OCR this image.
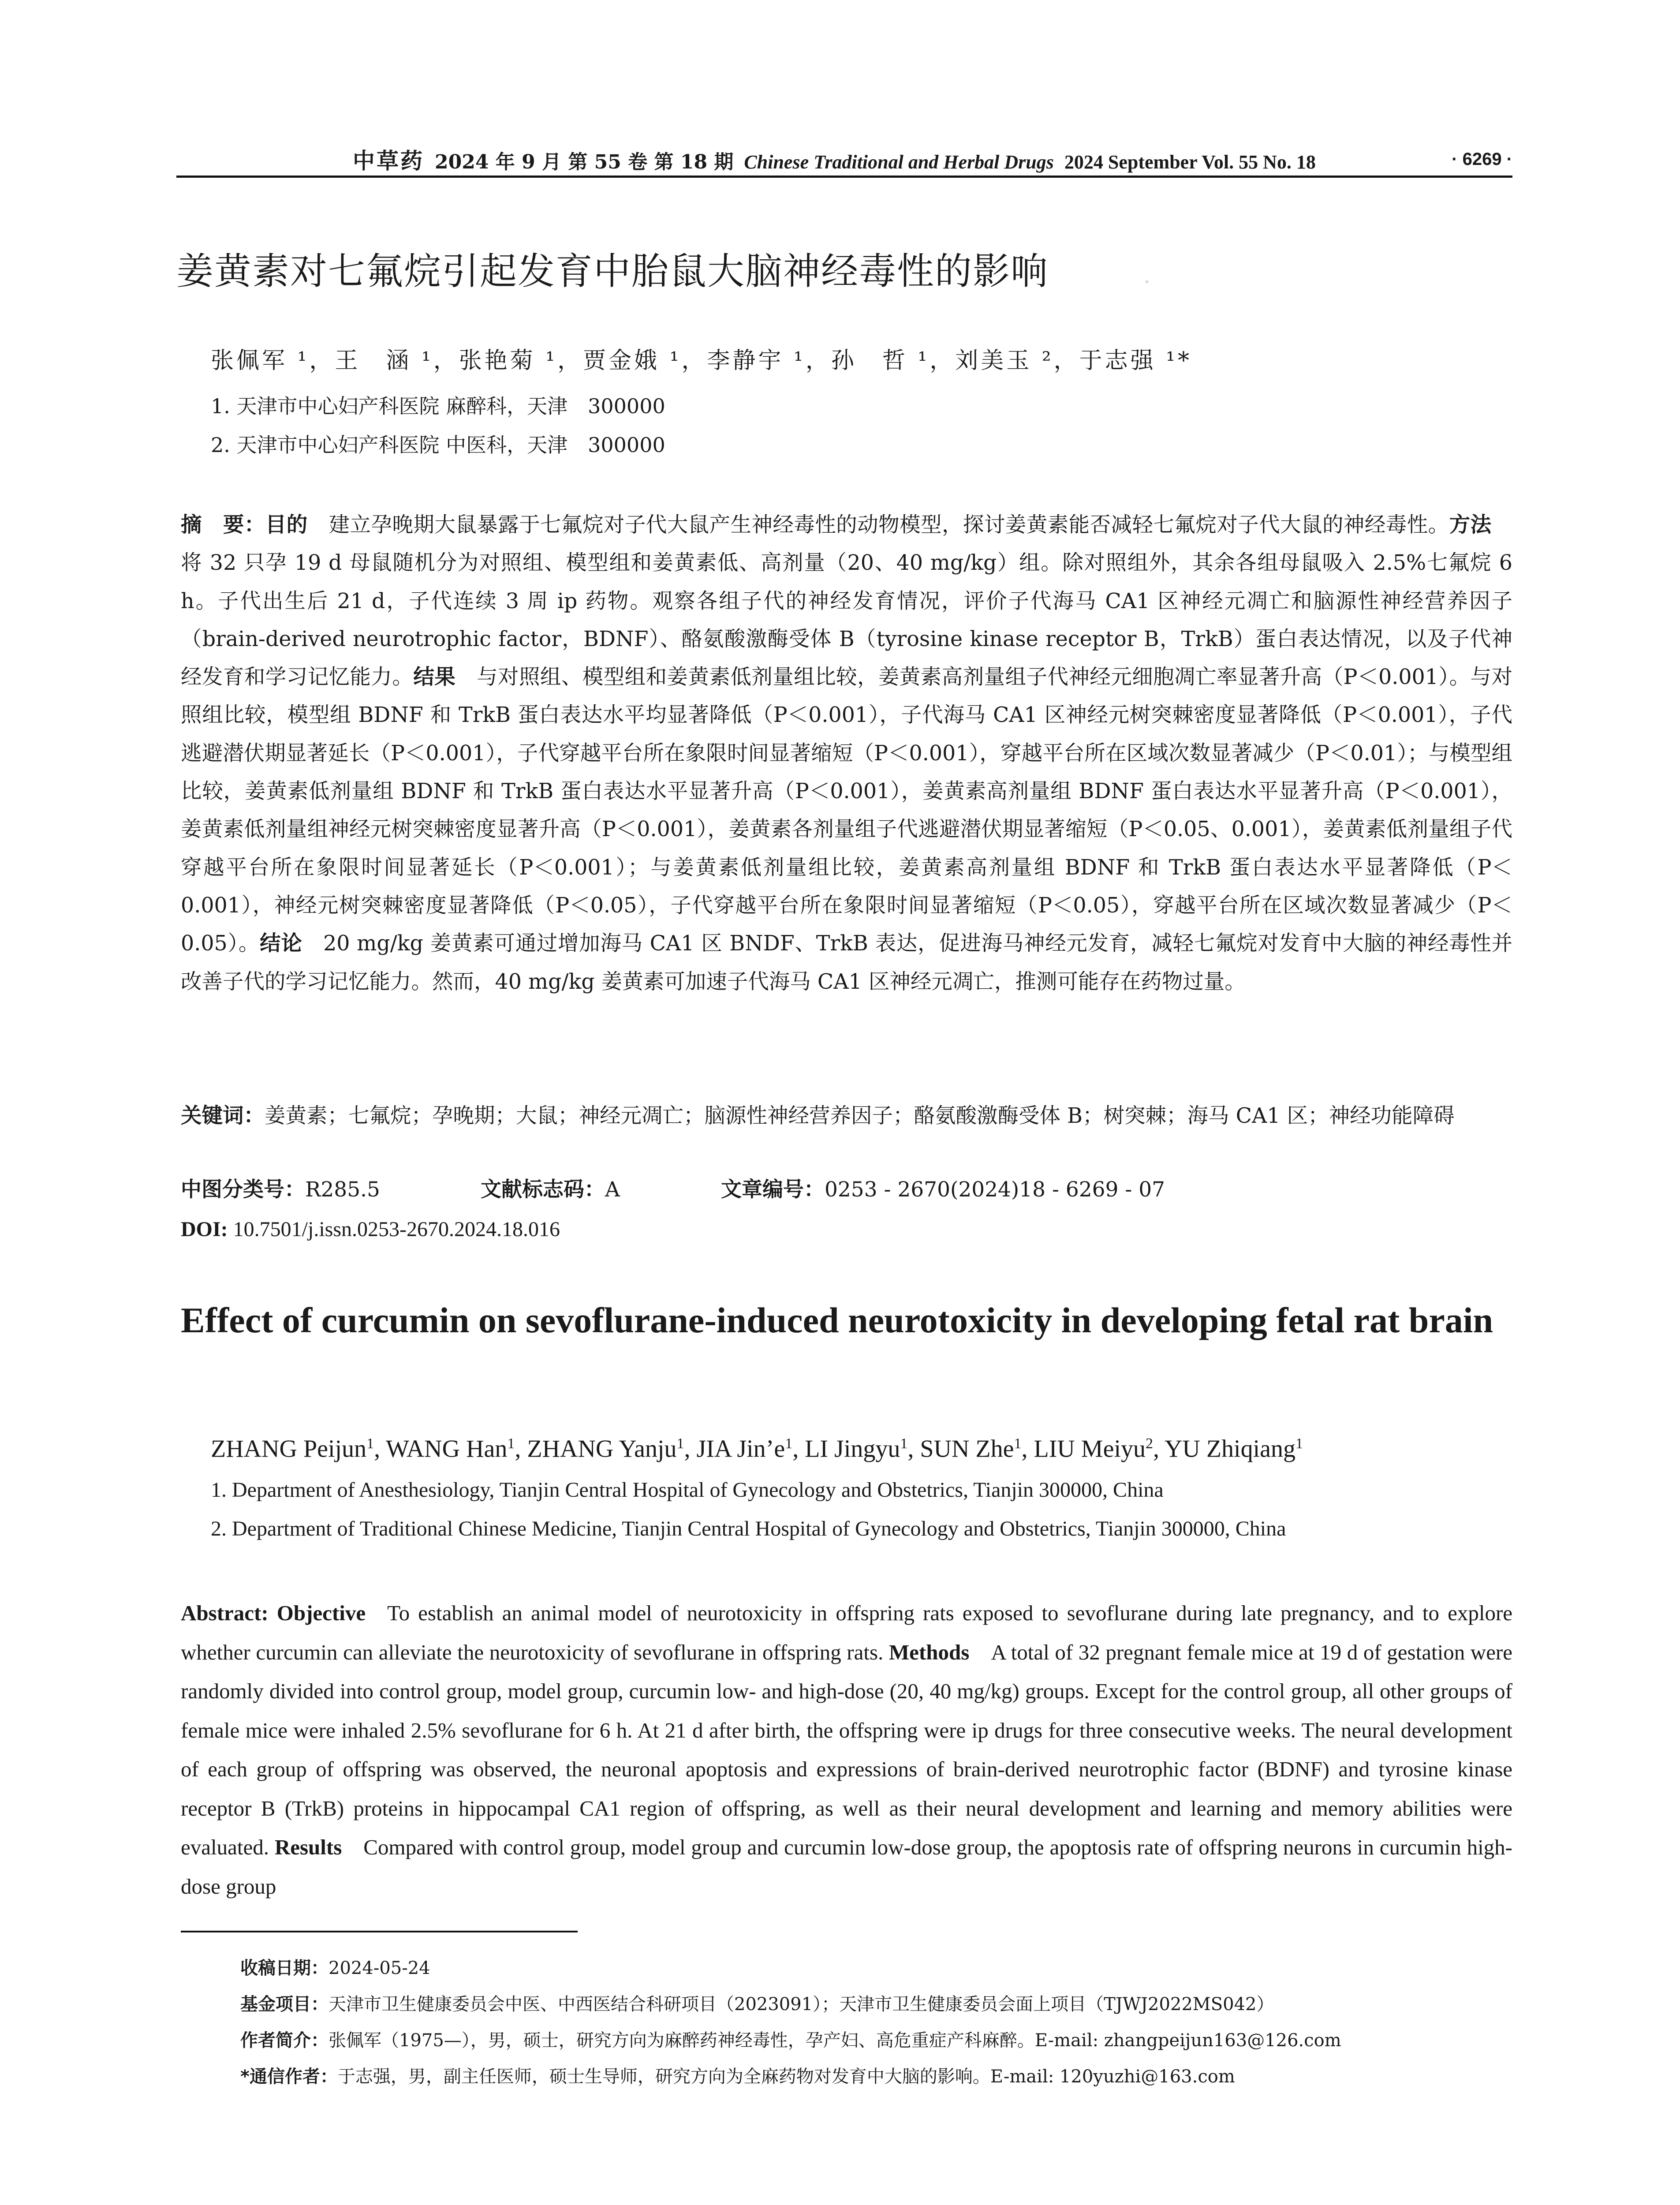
中草药 2024 年 9 月 第 55 卷 第 18 期 Chinese Traditional and Herbal Drugs 2024 September Vol. 55 No. 18	· 6269 ·
姜黄素对七氟烷引起发育中胎鼠大脑神经毒性的影响
张佩军 ¹，王　涵 ¹，张艳菊 ¹，贾金娥 ¹，李静宇 ¹，孙　哲 ¹，刘美玉 ²，于志强 ¹*
1. 天津市中心妇产科医院 麻醉科，天津　300000
2. 天津市中心妇产科医院 中医科，天津　300000

摘　要：目的  建立孕晚期大鼠暴露于七氟烷对子代大鼠产生神经毒性的动物模型，探讨姜黄素能否减轻七氟烷对子代大鼠的神经毒性。方法 将 32 只孕 19 d 母鼠随机分为对照组、模型组和姜黄素低、高剂量（20、40 mg/kg）组。除对照组外，其余各组母鼠吸入 2.5%七氟烷 6 h。子代出生后 21 d，子代连续 3 周 ip 药物。观察各组子代的神经发育情况，评价子代海马 CA1 区神经元凋亡和脑源性神经营养因子（brain-derived neurotrophic factor，BDNF）、酪氨酸激酶受体 B（tyrosine kinase receptor B，TrkB）蛋白表达情况，以及子代神经发育和学习记忆能力。结果  与对照组、模型组和姜黄素低剂量组比较，姜黄素高剂量组子代神经元细胞凋亡率显著升高（P＜0.001）。与对照组比较，模型组 BDNF 和 TrkB 蛋白表达水平均显著降低（P＜0.001），子代海马 CA1 区神经元树突棘密度显著降低（P＜0.001），子代逃避潜伏期显著延长（P＜0.001），子代穿越平台所在象限时间显著缩短（P＜0.001），穿越平台所在区域次数显著减少（P＜0.01）；与模型组比较，姜黄素低剂量组 BDNF 和 TrkB 蛋白表达水平显著升高（P＜0.001），姜黄素高剂量组 BDNF 蛋白表达水平显著升高（P＜0.001），姜黄素低剂量组神经元树突棘密度显著升高（P＜0.001），姜黄素各剂量组子代逃避潜伏期显著缩短（P＜0.05、0.001），姜黄素低剂量组子代穿越平台所在象限时间显著延长（P＜0.001）；与姜黄素低剂量组比较，姜黄素高剂量组 BDNF 和 TrkB 蛋白表达水平显著降低（P＜0.001），神经元树突棘密度显著降低（P＜0.05），子代穿越平台所在象限时间显著缩短（P＜0.05），穿越平台所在区域次数显著减少（P＜0.05）。结论  20 mg/kg 姜黄素可通过增加海马 CA1 区 BNDF、TrkB 表达，促进海马神经元发育，减轻七氟烷对发育中大脑的神经毒性并改善子代的学习记忆能力。然而，40 mg/kg 姜黄素可加速子代海马 CA1 区神经元凋亡，推测可能存在药物过量。

关键词：姜黄素；七氟烷；孕晚期；大鼠；神经元凋亡；脑源性神经营养因子；酪氨酸激酶受体 B；树突棘；海马 CA1 区；神经功能障碍
中图分类号：R285.5	文献标志码：A	文章编号：0253 - 2670(2024)18 - 6269 - 07
DOI: 10.7501/j.issn.0253-2670.2024.18.016
Effect of curcumin on sevoflurane-induced neurotoxicity in developing fetal rat brain
ZHANG Peijun$^1$, WANG Han$^1$, ZHANG Yanju$^1$, JIA $Jin’e^1$, LI Jingyu$^1$, SUN Zhe$^1$, LIU Meiyu$^2$, YU Zhiqiang$^1$
1. Department of Anesthesiology, Tianjin Central Hospital of Gynecology and Obstetrics, Tianjin 300000, China
2. Department of Traditional Chinese Medicine, Tianjin Central Hospital of Gynecology and Obstetrics, Tianjin 300000, China

Abstract: Objective  To establish an animal model of neurotoxicity in offspring rats exposed to sevoflurane during late pregnancy, and to explore whether curcumin can alleviate the neurotoxicity of sevoflurane in offspring rats. Methods  A total of 32 pregnant female mice at 19 d of gestation were randomly divided into control group, model group, curcumin low- and high-dose (20, 40 mg/kg) groups. Except for the control group, all other groups of female mice were inhaled 2.5% sevoflurane for 6 h. At 21 d after birth, the offspring were ip drugs for three consecutive weeks. The neural development of each group of offspring was observed, the neuronal apoptosis and expressions of brain-derived neurotrophic factor (BDNF) and tyrosine kinase receptor B (TrkB) proteins in hippocampal CA1 region of offspring, as well as their neural development and learning and memory abilities were evaluated. Results  Compared with control group, model group and curcumin low-dose group, the apoptosis rate of offspring neurons in curcumin high-dose group

收稿日期：2024-05-24
基金项目：天津市卫生健康委员会中医、中西医结合科研项目（2023091）；天津市卫生健康委员会面上项目（TJWJ2022MS042）
作者简介：张佩军（1975—），男，硕士，研究方向为麻醉药神经毒性，孕产妇、高危重症产科麻醉。E-mail: zhangpeijun163@126.com
*通信作者：于志强，男，副主任医师，硕士生导师，研究方向为全麻药物对发育中大脑的影响。E-mail: 120yuzhi@163.com
